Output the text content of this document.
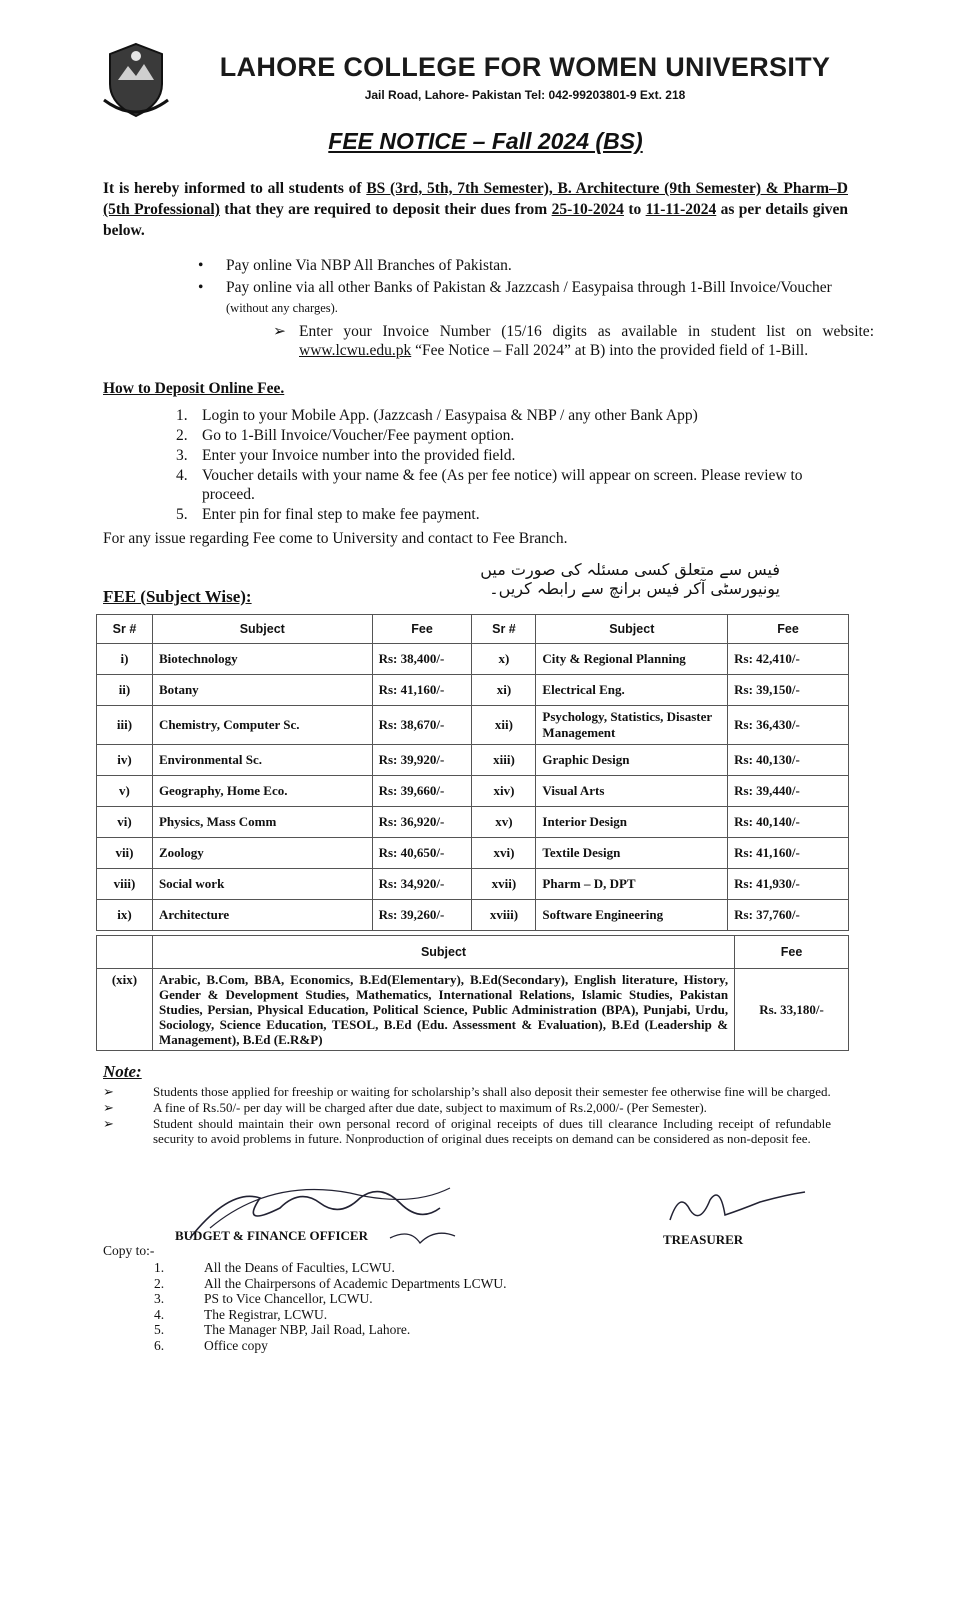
LAHORE COLLEGE FOR WOMEN UNIVERSITY
Jail Road, Lahore- Pakistan Tel: 042-99203801-9 Ext. 218
FEE NOTICE – Fall 2024 (BS)
It is hereby informed to all students of BS (3rd, 5th, 7th Semester), B. Architecture (9th Semester) & Pharm–D (5th Professional) that they are required to deposit their dues from 25-10-2024 to 11-11-2024 as per details given below.
• Pay online Via NBP All Branches of Pakistan.
• Pay online via all other Banks of Pakistan & Jazzcash / Easypaisa through 1-Bill Invoice/Voucher (without any charges).
➢ Enter your Invoice Number (15/16 digits as available in student list on website: www.lcwu.edu.pk “Fee Notice – Fall 2024” at B) into the provided field of 1-Bill.
How to Deposit Online Fee.
1. Login to your Mobile App. (Jazzcash / Easypaisa & NBP / any other Bank App)
2. Go to 1-Bill Invoice/Voucher/Fee payment option.
3. Enter your Invoice number into the provided field.
4. Voucher details with your name & fee (As per fee notice) will appear on screen. Please review to proceed.
5. Enter pin for final step to make fee payment.
For any issue regarding Fee come to University and contact to Fee Branch.
فیس سے متعلق کسی مسئلہ کی صورت میں یونیورسٹی آکر فیس برانچ سے رابطہ کریں۔
FEE (Subject Wise):
Sr #	Subject	Fee	Sr #	Subject	Fee
i)	Biotechnology	Rs: 38,400/-	x)	City & Regional Planning	Rs: 42,410/-
ii)	Botany	Rs: 41,160/-	xi)	Electrical Eng.	Rs: 39,150/-
iii)	Chemistry, Computer Sc.	Rs: 38,670/-	xii)	Psychology, Statistics, Disaster Management	Rs: 36,430/-
iv)	Environmental Sc.	Rs: 39,920/-	xiii)	Graphic Design	Rs: 40,130/-
v)	Geography, Home Eco.	Rs: 39,660/-	xiv)	Visual Arts	Rs: 39,440/-
vi)	Physics, Mass Comm	Rs: 36,920/-	xv)	Interior Design	Rs: 40,140/-
vii)	Zoology	Rs: 40,650/-	xvi)	Textile Design	Rs: 41,160/-
viii)	Social work	Rs: 34,920/-	xvii)	Pharm – D, DPT	Rs: 41,930/-
ix)	Architecture	Rs: 39,260/-	xviii)	Software Engineering	Rs: 37,760/-
	Subject	Fee
(xix)	Arabic, B.Com, BBA, Economics, B.Ed(Elementary), B.Ed(Secondary), English literature, History, Gender & Development Studies, Mathematics, International Relations, Islamic Studies, Pakistan Studies, Persian, Physical Education, Political Science, Public Administration (BPA), Punjabi, Urdu, Sociology, Science Education, TESOL, B.Ed (Edu. Assessment & Evaluation), B.Ed (Leadership & Management), B.Ed (E.R&P)	Rs. 33,180/-
Note:
➢	Students those applied for freeship or waiting for scholarship’s shall also deposit their semester fee otherwise fine will be charged.
➢	A fine of Rs.50/- per day will be charged after due date, subject to maximum of Rs.2,000/- (Per Semester).
➢	Student should maintain their own personal record of original receipts of dues till clearance Including receipt of refundable security to avoid problems in future. Nonproduction of original dues receipts on demand can be considered as non-deposit fee.
BUDGET & FINANCE OFFICER	TREASURER
Copy to:-
1.	All the Deans of Faculties, LCWU.
2.	All the Chairpersons of Academic Departments LCWU.
3.	PS to Vice Chancellor, LCWU.
4.	The Registrar, LCWU.
5.	The Manager NBP, Jail Road, Lahore.
6.	Office copy
